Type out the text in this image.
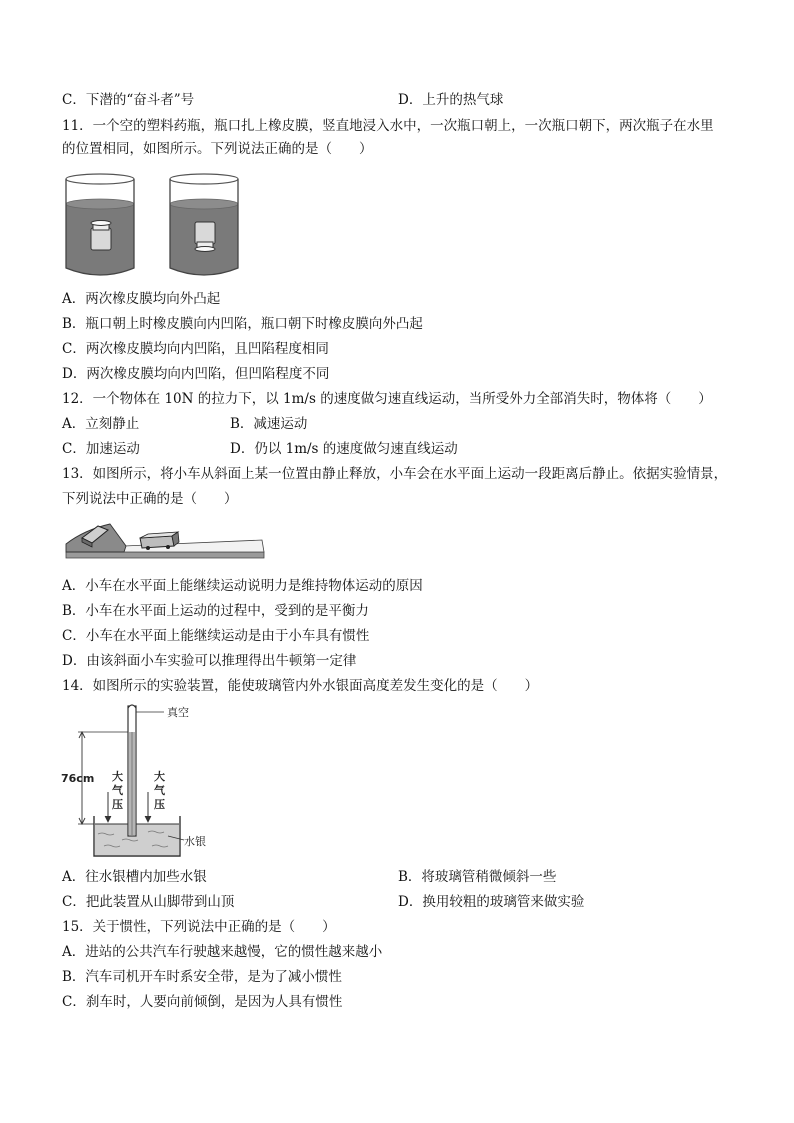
C．下潜的“奋斗者”号	D．上升的热气球
11．一个空的塑料药瓶，瓶口扎上橡皮膜，竖直地浸入水中，一次瓶口朝上，一次瓶口朝下，两次瓶子在水里
的位置相同，如图所示。下列说法正确的是（　　）
A．两次橡皮膜均向外凸起
B．瓶口朝上时橡皮膜向内凹陷，瓶口朝下时橡皮膜向外凸起
C．两次橡皮膜均向内凹陷，且凹陷程度相同
D．两次橡皮膜均向内凹陷，但凹陷程度不同
12．一个物体在 10N 的拉力下，以 1m/s 的速度做匀速直线运动，当所受外力全部消失时，物体将（　　）
A．立刻静止	B．减速运动
C．加速运动	D．仍以 1m/s 的速度做匀速直线运动
13．如图所示，将小车从斜面上某一位置由静止释放，小车会在水平面上运动一段距离后静止。依据实验情景，
下列说法中正确的是（　　）
A．小车在水平面上能继续运动说明力是维持物体运动的原因
B．小车在水平面上运动的过程中，受到的是平衡力
C．小车在水平面上能继续运动是由于小车具有惯性
D．由该斜面小车实验可以推理得出牛顿第一定律
14．如图所示的实验装置，能使玻璃管内外水银面高度差发生变化的是（　　）
真空
76cm 大
气
压
大
气
压
水银
A．往水银槽内加些水银	B．将玻璃管稍微倾斜一些
C．把此装置从山脚带到山顶	D．换用较粗的玻璃管来做实验
15．关于惯性，下列说法中正确的是（　　）
A．进站的公共汽车行驶越来越慢，它的惯性越来越小
B．汽车司机开车时系安全带，是为了减小惯性
C．刹车时，人要向前倾倒，是因为人具有惯性
